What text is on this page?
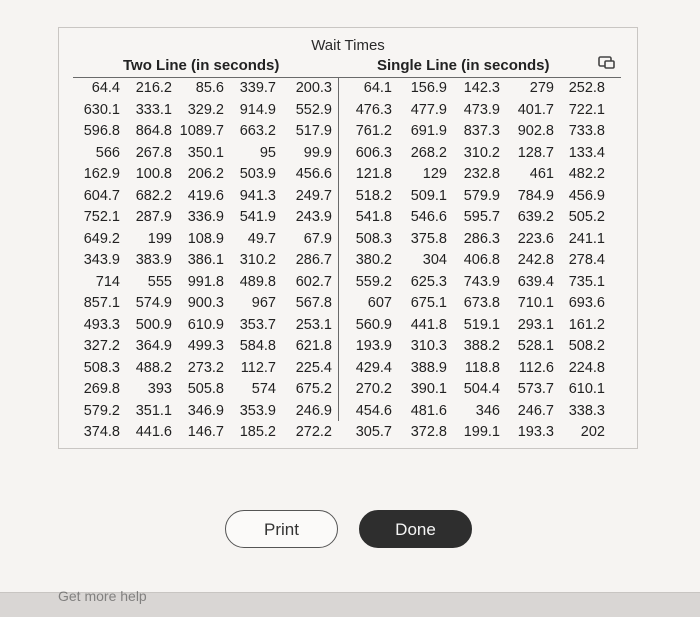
Wait Times
Two Line (in seconds)	Single Line (in seconds)
64.4	216.2	85.6	339.7	200.3	64.1	156.9	142.3	279	252.8
630.1	333.1	329.2	914.9	552.9	476.3	477.9	473.9	401.7	722.1
596.8	864.8 1089.7	663.2	517.9	761.2	691.9	837.3	902.8	733.8
566	267.8	350.1	95	99.9	606.3	268.2	310.2	128.7	133.4
162.9	100.8	206.2	503.9	456.6	121.8	129	232.8	461	482.2
604.7	682.2	419.6	941.3	249.7	518.2	509.1	579.9	784.9	456.9
752.1	287.9	336.9	541.9	243.9	541.8	546.6	595.7	639.2	505.2
649.2	199	108.9	49.7	67.9	508.3	375.8	286.3	223.6	241.1
343.9	383.9	386.1	310.2	286.7	380.2	304	406.8	242.8	278.4
714	555	991.8	489.8	602.7	559.2	625.3	743.9	639.4	735.1
857.1	574.9	900.3	967	567.8	607	675.1	673.8	710.1	693.6
493.3	500.9	610.9	353.7	253.1	560.9	441.8	519.1	293.1	161.2
327.2	364.9	499.3	584.8	621.8	193.9	310.3	388.2	528.1	508.2
508.3	488.2	273.2	112.7	225.4	429.4	388.9	118.8	112.6	224.8
269.8	393	505.8	574	675.2	270.2	390.1	504.4	573.7	610.1
579.2	351.1	346.9	353.9	246.9	454.6	481.6	346	246.7	338.3
374.8	441.6	146.7	185.2	272.2	305.7	372.8	199.1	193.3	202
Print	Done
Get more help
